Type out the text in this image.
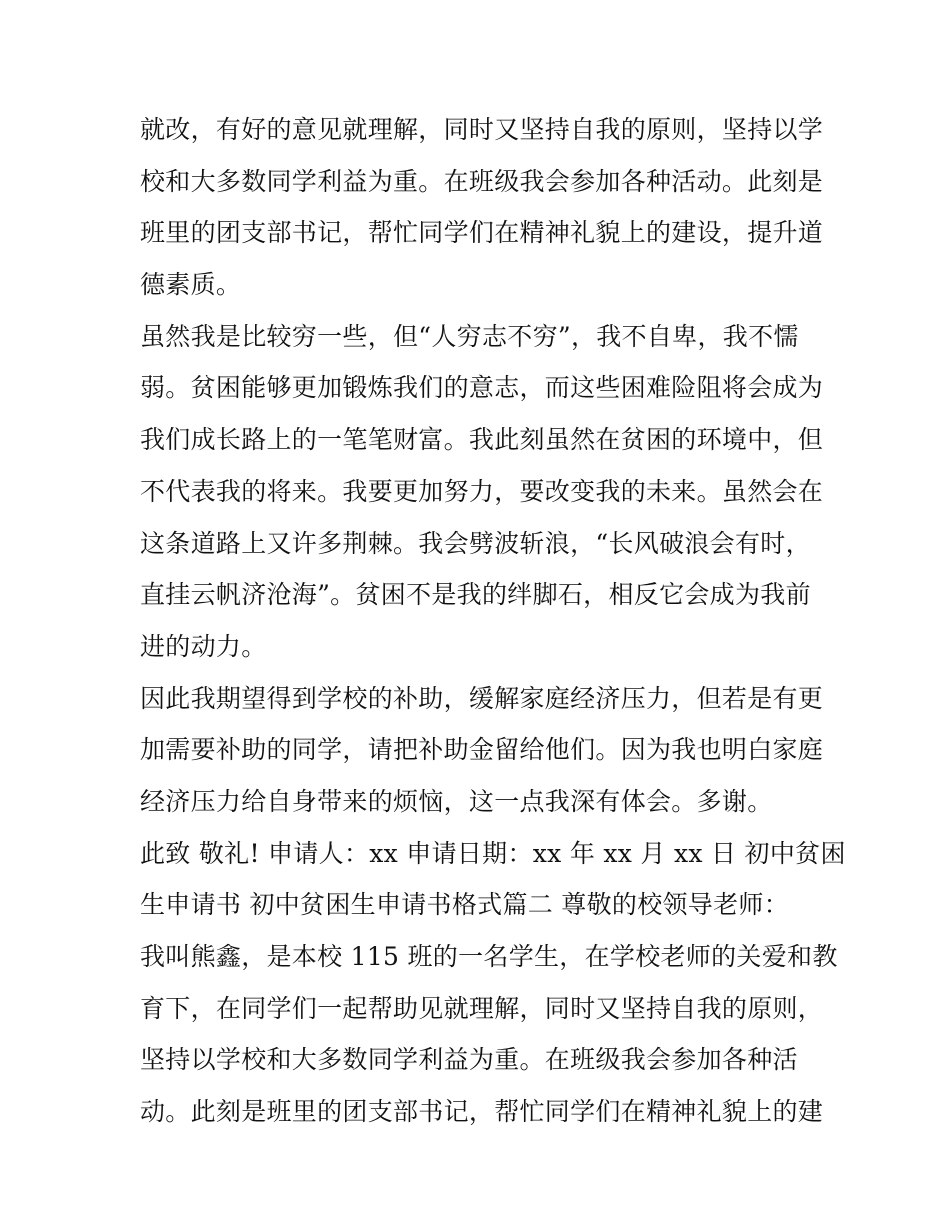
就改，有好的意见就理解，同时又坚持自我的原则，坚持以学
校和大多数同学利益为重。在班级我会参加各种活动。此刻是
班里的团支部书记，帮忙同学们在精神礼貌上的建设，提升道
德素质。
虽然我是比较穷一些，但“人穷志不穷”，我不自卑，我不懦
弱。贫困能够更加锻炼我们的意志，而这些困难险阻将会成为
我们成长路上的一笔笔财富。我此刻虽然在贫困的环境中，但
不代表我的将来。我要更加努力，要改变我的未来。虽然会在
这条道路上又许多荆棘。我会劈波斩浪，“长风破浪会有时，
直挂云帆济沧海”。贫困不是我的绊脚石，相反它会成为我前
进的动力。
因此我期望得到学校的补助，缓解家庭经济压力，但若是有更
加需要补助的同学，请把补助金留给他们。因为我也明白家庭
经济压力给自身带来的烦恼，这一点我深有体会。多谢。
此致 敬礼! 申请人：xx 申请日期：xx 年 xx 月 xx 日 初中贫困
生申请书 初中贫困生申请书格式篇二 尊敬的校领导老师：
我叫熊鑫，是本校 115 班的一名学生，在学校老师的关爱和教
育下，在同学们一起帮助见就理解，同时又坚持自我的原则，
坚持以学校和大多数同学利益为重。在班级我会参加各种活
动。此刻是班里的团支部书记，帮忙同学们在精神礼貌上的建
